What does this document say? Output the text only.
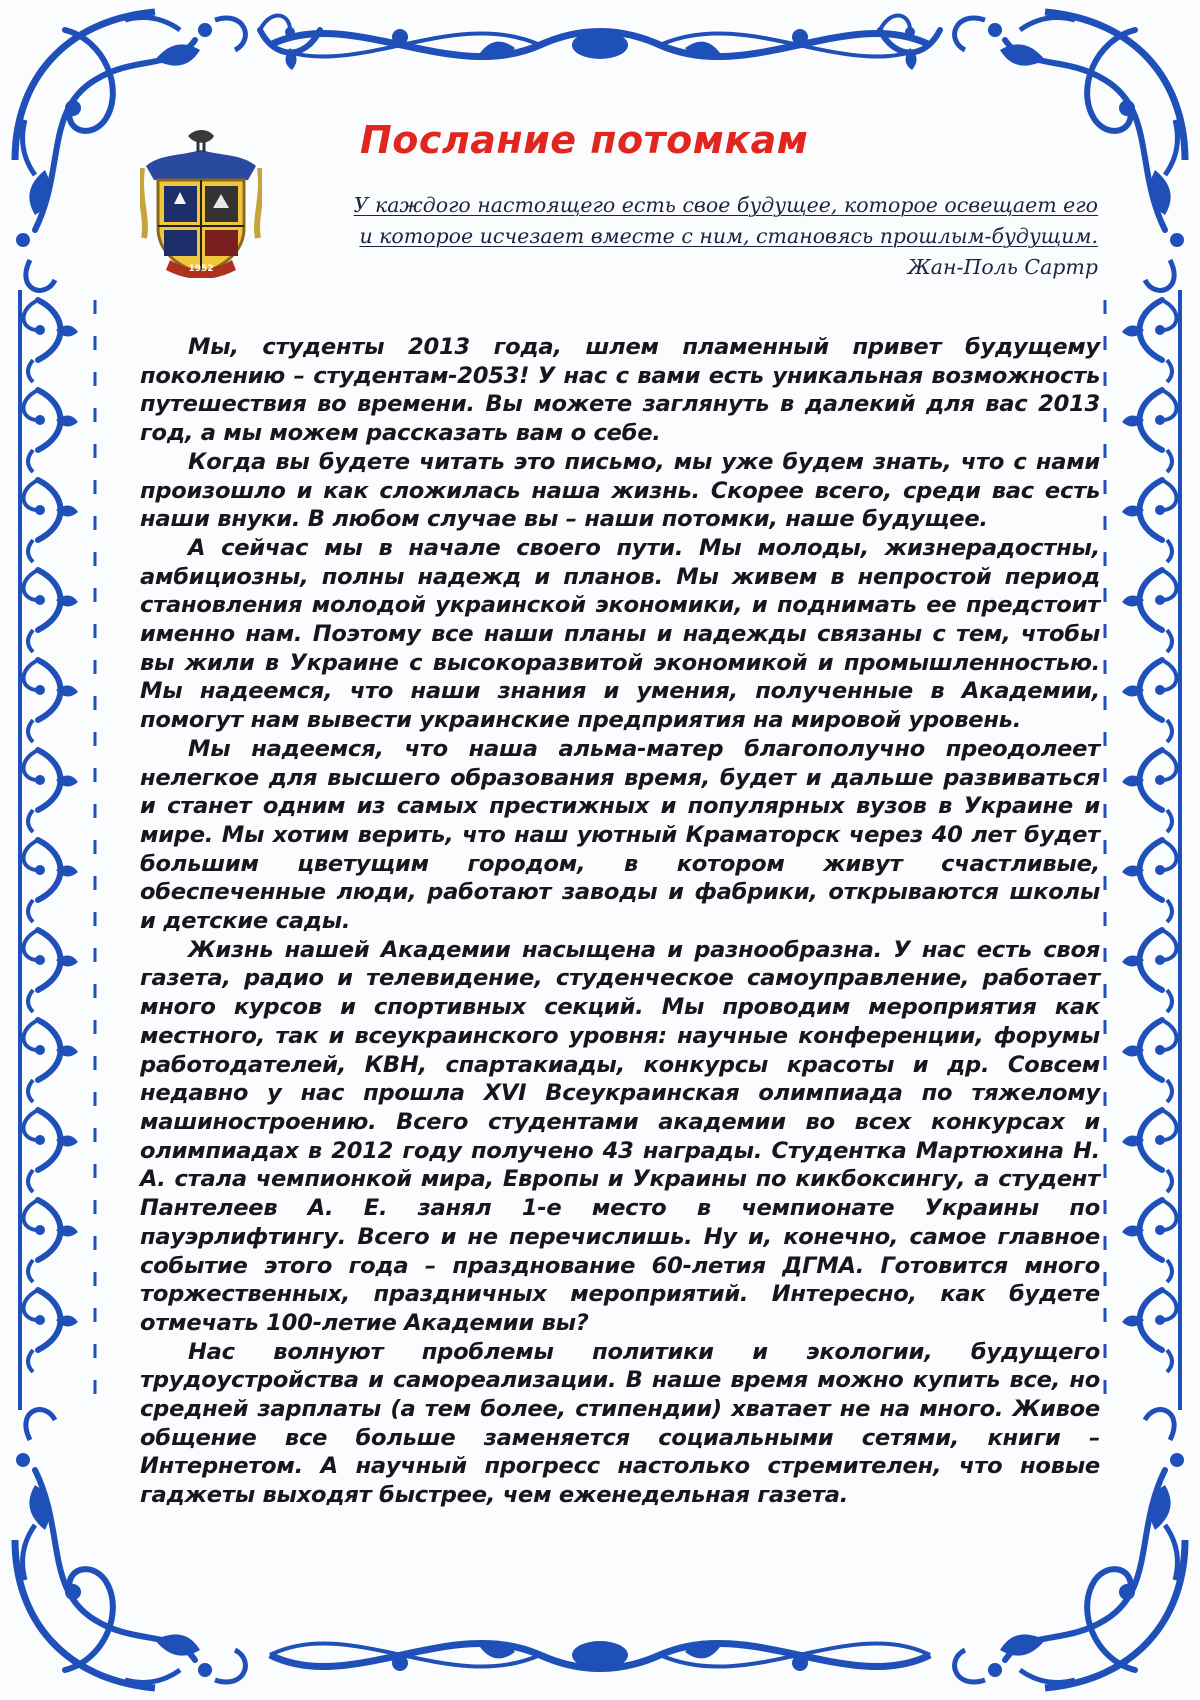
1952
Послание потомкам
У каждого настоящего есть свое будущее, которое освещает его
и которое исчезает вместе с ним, становясь прошлым-будущим.
Жан-Поль Сартр

Мы, студенты 2013 года, шлем пламенный привет будущему поколению – студентам-2053! У нас с вами есть уникальная возможность путешествия во времени. Вы можете заглянуть в далекий для вас 2013 год, а мы можем рассказать вам о себе.

Когда вы будете читать это письмо, мы уже будем знать, что с нами произошло и как сложилась наша жизнь. Скорее всего, среди вас есть наши внуки. В любом случае вы – наши потомки, наше будущее.

А сейчас мы в начале своего пути. Мы молоды, жизнерадостны, амбициозны, полны надежд и планов. Мы живем в непростой период становления молодой украинской экономики, и поднимать ее предстоит именно нам. Поэтому все наши планы и надежды связаны с тем, чтобы вы жили в Украине с высокоразвитой экономикой и промышленностью. Мы надеемся, что наши знания и умения, полученные в Академии, помогут нам вывести украинские предприятия на мировой уровень.

Мы надеемся, что наша альма-матер благополучно преодолеет нелегкое для высшего образования время, будет и дальше развиваться и станет одним из самых престижных и популярных вузов в Украине и мире. Мы хотим верить, что наш уютный Краматорск через 40 лет будет большим цветущим городом, в котором живут счастливые, обеспеченные люди, работают заводы и фабрики, открываются школы и детские сады.

Жизнь нашей Академии насыщена и разнообразна. У нас есть своя газета, радио и телевидение, студенческое самоуправление, работает много курсов и спортивных секций. Мы проводим мероприятия как местного, так и всеукраинского уровня: научные конференции, форумы работодателей, КВН, спартакиады, конкурсы красоты и др. Совсем недавно у нас прошла XVI Всеукраинская олимпиада по тяжелому машиностроению. Всего студентами академии во всех конкурсах и олимпиадах в 2012 году получено 43 награды. Студентка Мартюхина Н. А. стала чемпионкой мира, Европы и Украины по кикбоксингу, а студент Пантелеев А. Е. занял 1-е место в чемпионате Украины по пауэрлифтингу. Всего и не перечислишь. Ну и, конечно, самое главное событие этого года – празднование 60-летия ДГМА. Готовится много торжественных, праздничных мероприятий. Интересно, как будете отмечать 100-летие Академии вы?

Нас волнуют проблемы политики и экологии, будущего трудоустройства и самореализации. В наше время можно купить все, но средней зарплаты (а тем более, стипендии) хватает не на много. Живое общение все больше заменяется социальными сетями, книги – Интернетом. А научный прогресс настолько стремителен, что новые гаджеты выходят быстрее, чем еженедельная газета.
